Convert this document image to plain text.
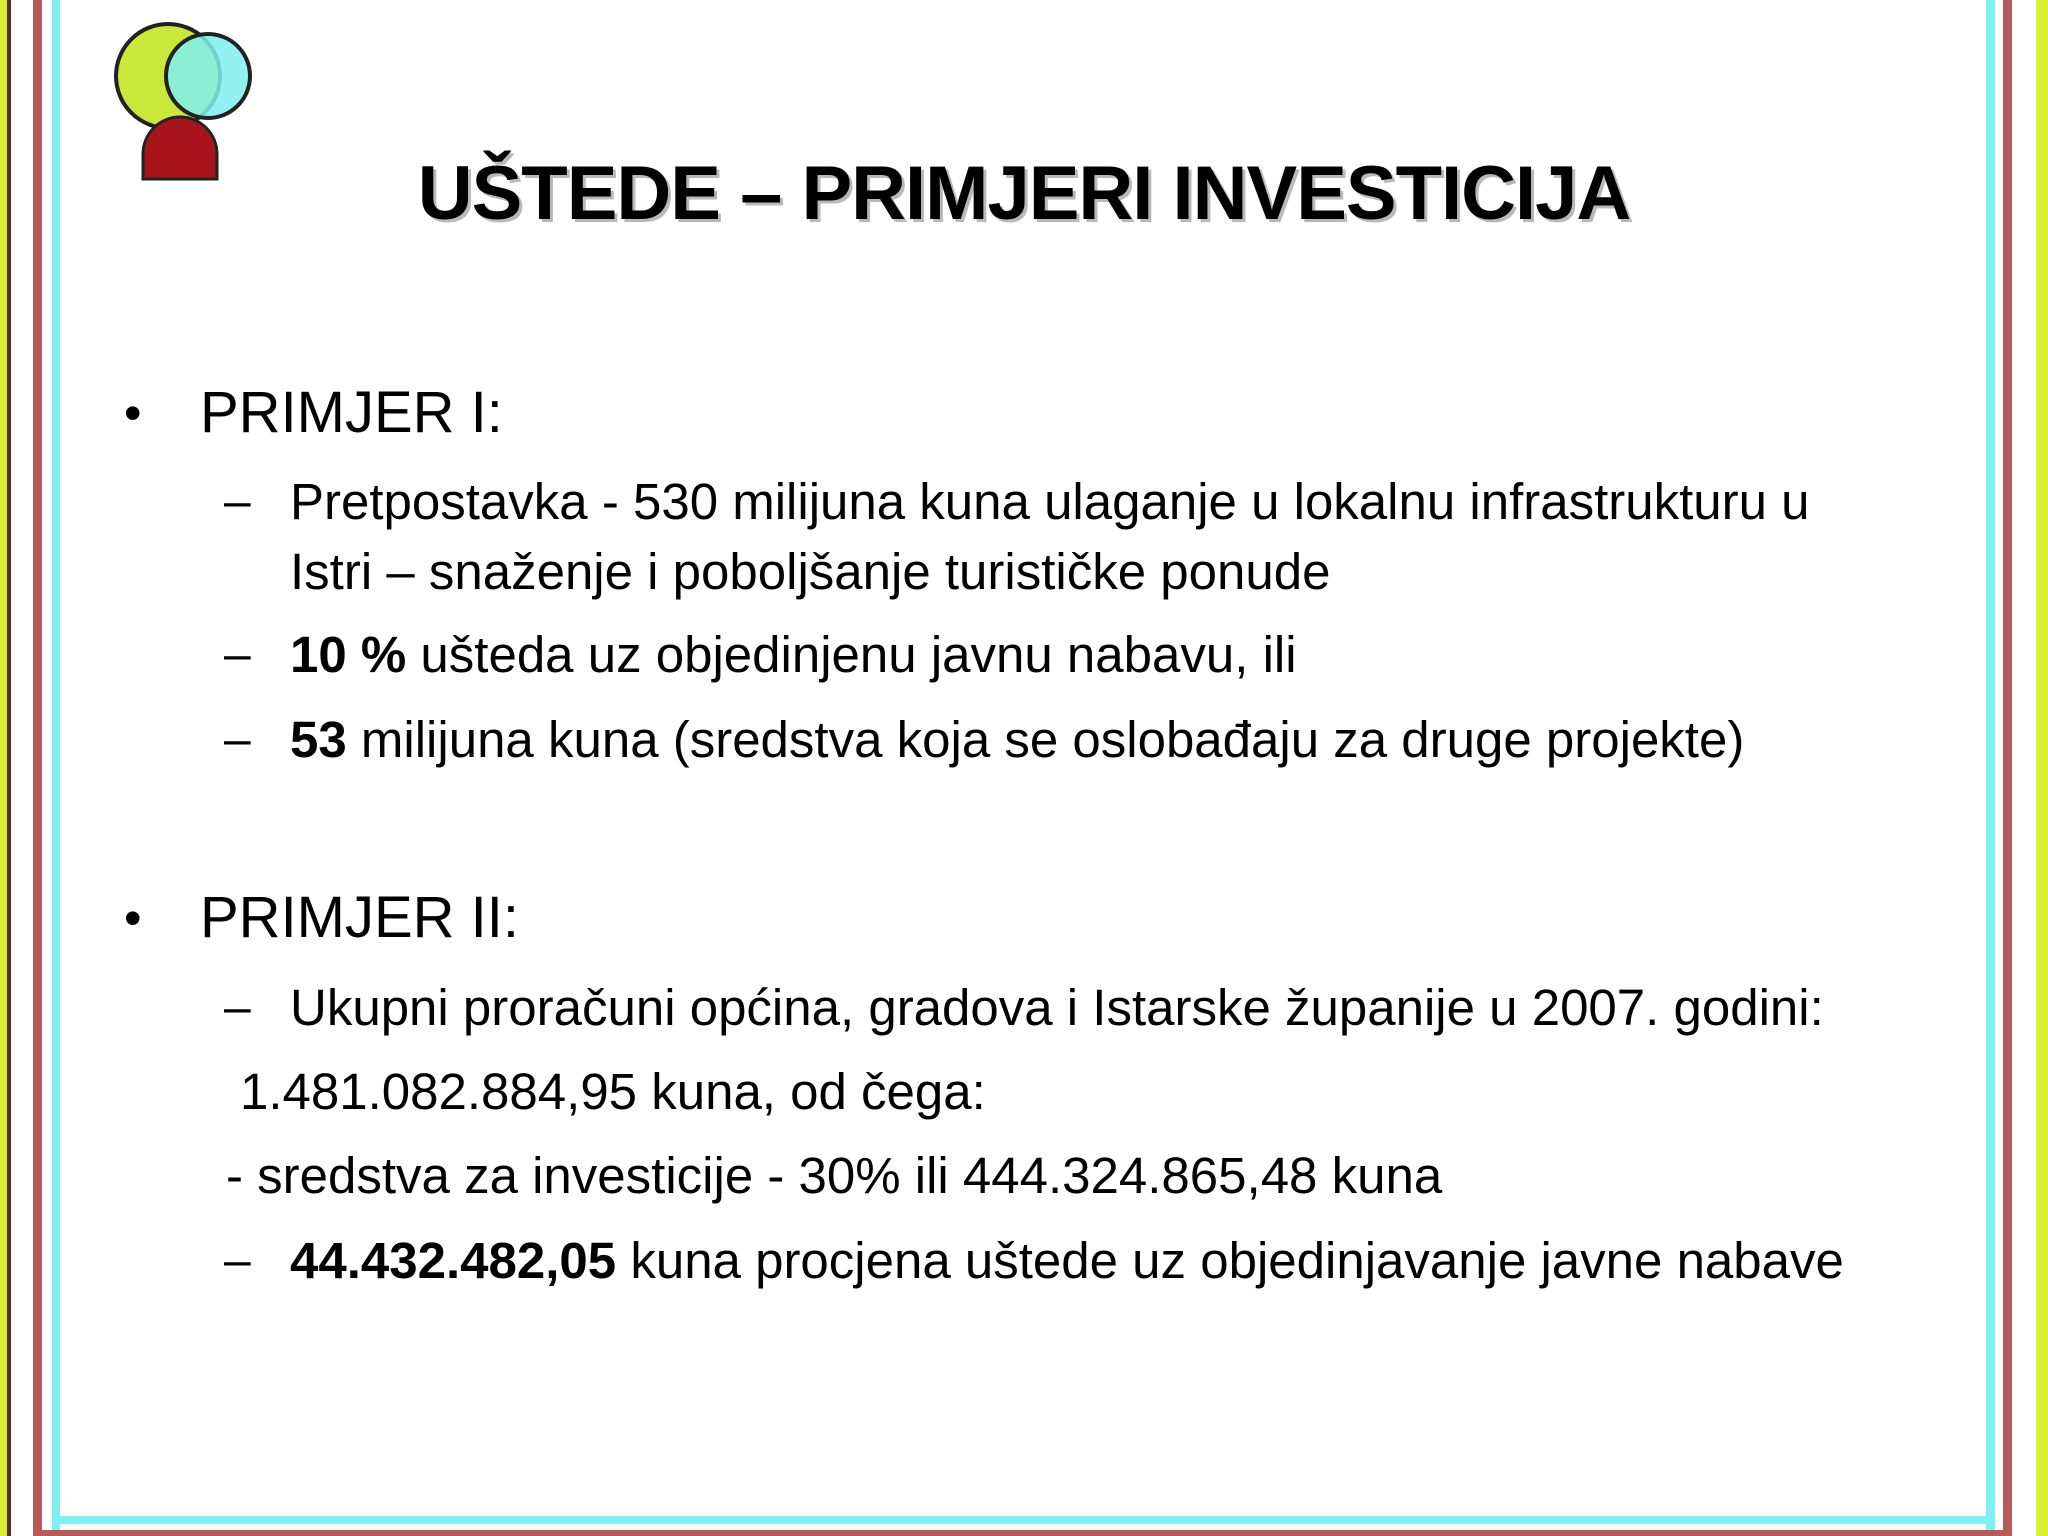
UŠTEDE – PRIMJERI INVESTICIJA
• PRIMJER I:
– Pretpostavka - 530 milijuna kuna ulaganje u lokalnu infrastrukturu u
Istri – snaženje i poboljšanje turističke ponude
– 10 % ušteda uz objedinjenu javnu nabavu, ili
– 53 milijuna kuna (sredstva koja se oslobađaju za druge projekte)
• PRIMJER II:
– Ukupni proračuni općina, gradova i Istarske županije u 2007. godini:
1.481.082.884,95 kuna, od čega:
- sredstva za investicije - 30% ili 444.324.865,48 kuna
– 44.432.482,05 kuna procjena uštede uz objedinjavanje javne nabave
